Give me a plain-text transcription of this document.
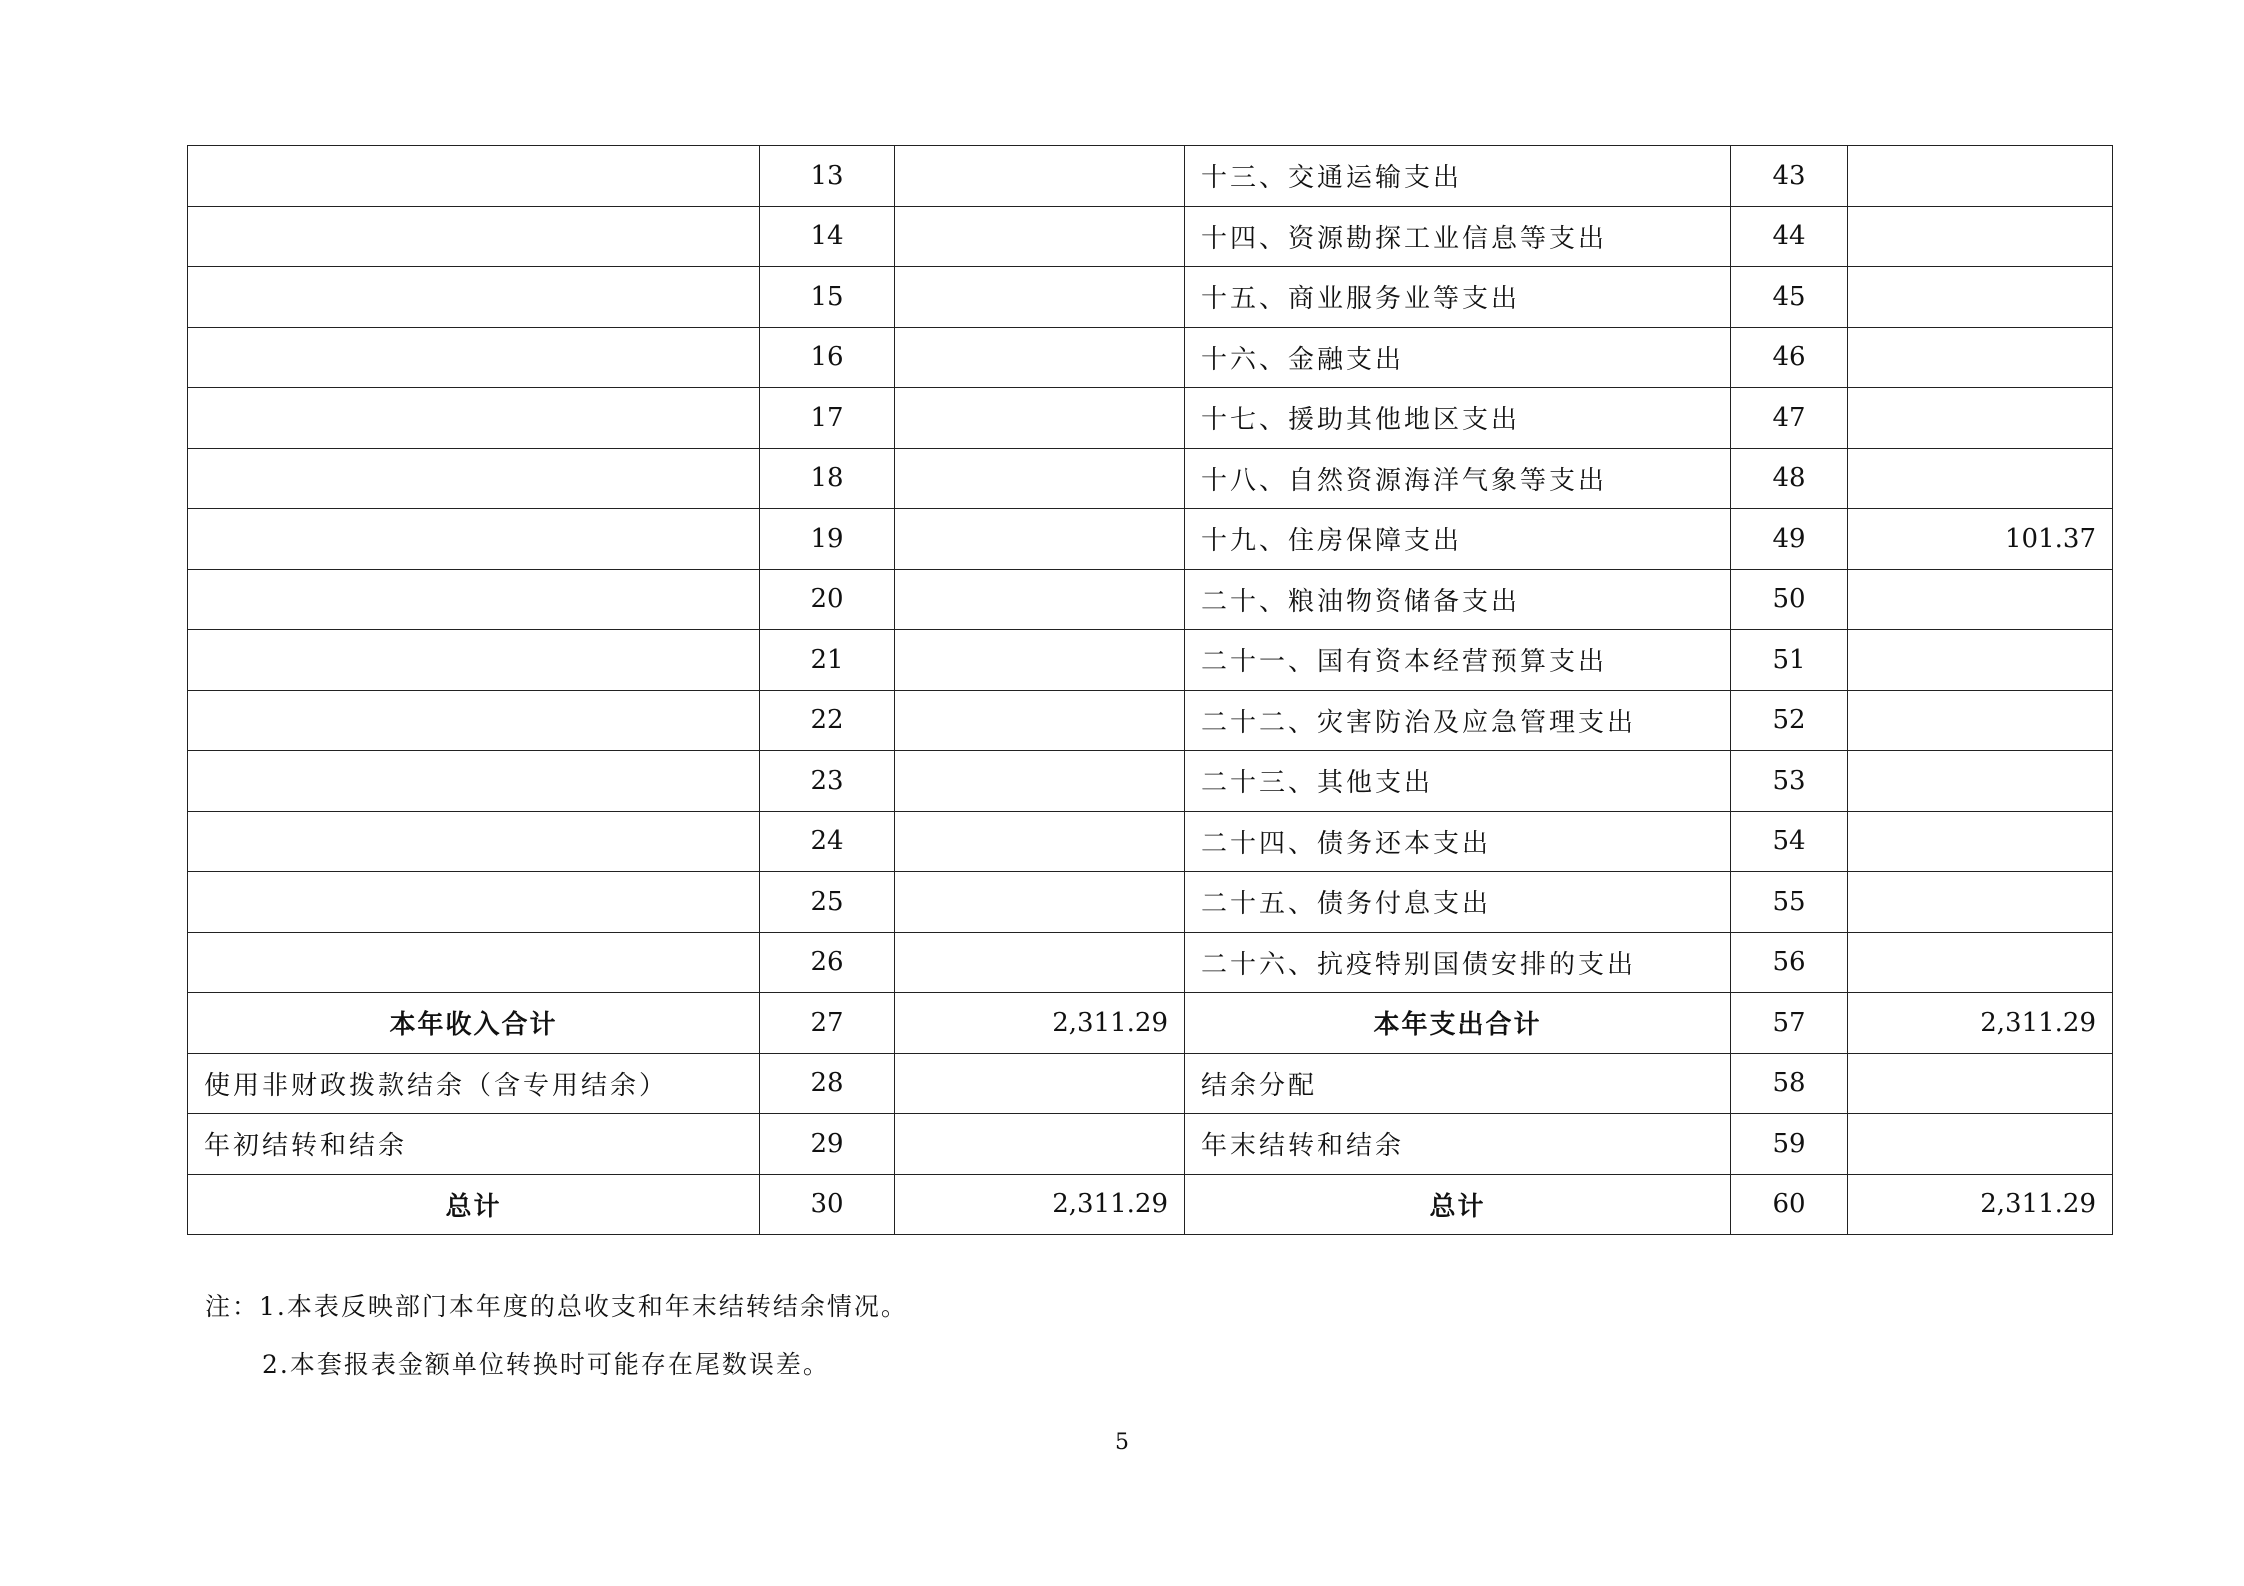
	13		十三、交通运输支出	43	
	14		十四、资源勘探工业信息等支出	44	
	15		十五、商业服务业等支出	45	
	16		十六、金融支出	46	
	17		十七、援助其他地区支出	47	
	18		十八、自然资源海洋气象等支出	48	
	19		十九、住房保障支出	49	101.37
	20		二十、粮油物资储备支出	50	
	21		二十一、国有资本经营预算支出	51	
	22		二十二、灾害防治及应急管理支出	52	
	23		二十三、其他支出	53	
	24		二十四、债务还本支出	54	
	25		二十五、债务付息支出	55	
	26		二十六、抗疫特别国债安排的支出	56	
本年收入合计	27	2,311.29	本年支出合计	57	2,311.29
使用非财政拨款结余（含专用结余）	28		结余分配	58	
年初结转和结余	29		年末结转和结余	59	
总计	30	2,311.29	总计	60	2,311.29
注：1.本表反映部门本年度的总收支和年末结转结余情况。
2.本套报表金额单位转换时可能存在尾数误差。
5
